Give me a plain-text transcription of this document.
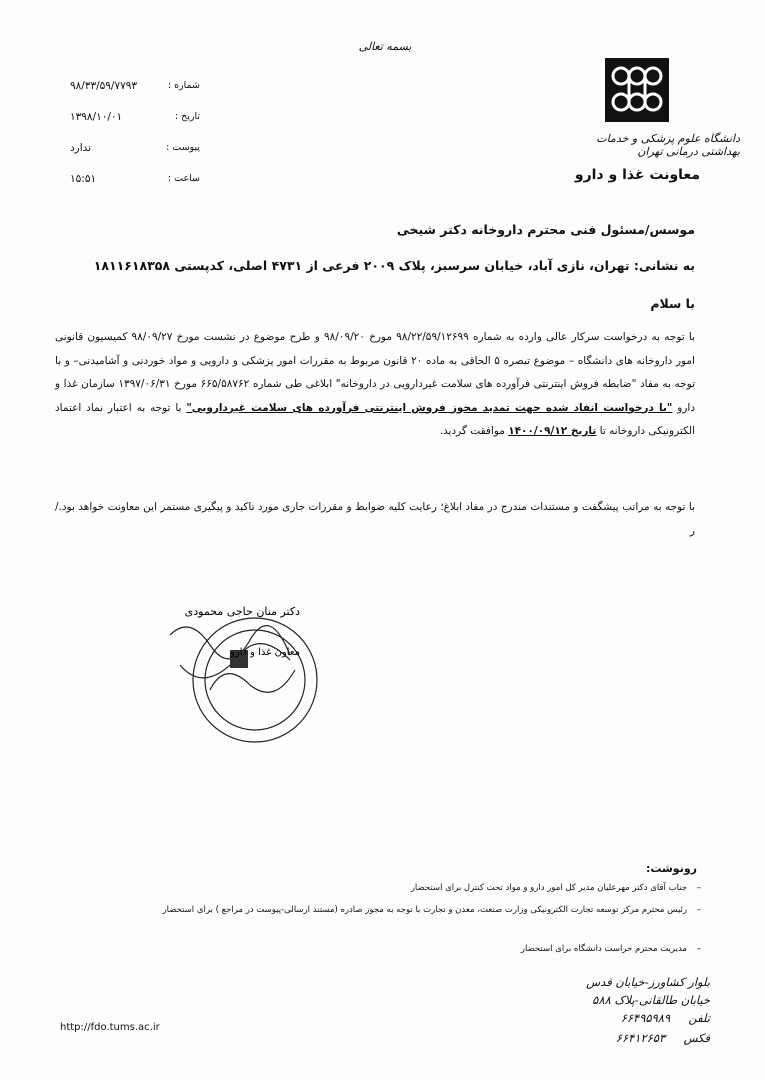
بسمه تعالی
شماره :
۹۸/۳۳/۵۹/۷۷۹۳
تاریخ :
۱۳۹۸/۱۰/۰۱
پیوست :
ندارد
ساعت :
۱۵:۵۱
دانشگاه علوم پزشکی و خدمات بهداشتی درمانی تهران
معاونت غذا و دارو
موسس/مسئول فنی محترم داروخانه دکتر شیخی
به نشانی: تهران، نازی آباد، خیابان سرسبز، پلاک ۲۰۰۹ فرعی از ۴۷۳۱ اصلی، کدپستی ۱۸۱۱۶۱۸۳۵۸
با سلام
با توجه به درخواست سرکار عالی وارده به شماره ۹۸/۲۲/۵۹/۱۲۶۹۹ مورخ ۹۸/۰۹/۲۰ و طرح موضوع در نشست مورخ ۹۸/۰۹/۲۷ کمیسیون قانونی امور داروخانه های دانشگاه – موضوع تبصره ۵ الحاقی به ماده ۲۰ قانون مربوط به مقررات امور پزشکی و دارویی و مواد خوردنی و آشامیدنی– و با توجه به مفاد "ضابطه فروش اینترنتی فرآورده های سلامت غیردارویی در داروخانه" ابلاغی طی شماره ۶۶۵/۵۸۷۶۲ مورخ ۱۳۹۷/۰۶/۳۱ سازمان غذا و دارو "با درخواست انفاد شده جهت تمدید مجوز فروش اینترنتی فرآورده های سلامت غیردارویی" با توجه به اعتبار نماد اعتماد الکترونیکی داروخانه تا تاریخ ۱۴۰۰/۰۹/۱۲ موافقت گردید.
با توجه به مراتب پیشگفت و مستندات مندرج در مفاد ابلاغ؛ رعایت کلیه ضوابط و مقررات جاری مورد تاکید و پیگیری مستمر این معاونت خواهد بود./ر
دکتر منان حاجی محمودی
معاون غذا و دارو
رونوشت:
–
جناب آقای دکتر مهرعلیان مدیر کل امور دارو و مواد تحت کنترل برای استحضار
–
رئیس محترم مرکز توسعه تجارت الکترونیکی وزارت صنعت، معدن و تجارت با توجه به مجوز صادره (مستند ارسالی-پیوست در مراجع ) برای استحضار
–
مدیریت محترم حراست دانشگاه برای استحضار
http://fdo.tums.ac.ir
بلوار کشاورز-خیابان قدس
خیابان طالقانی-پلاک ۵۸۸
تلفن     ۶۶۴۹۵۹۸۹
فکس     ۶۶۴۱۲۶۵۳
